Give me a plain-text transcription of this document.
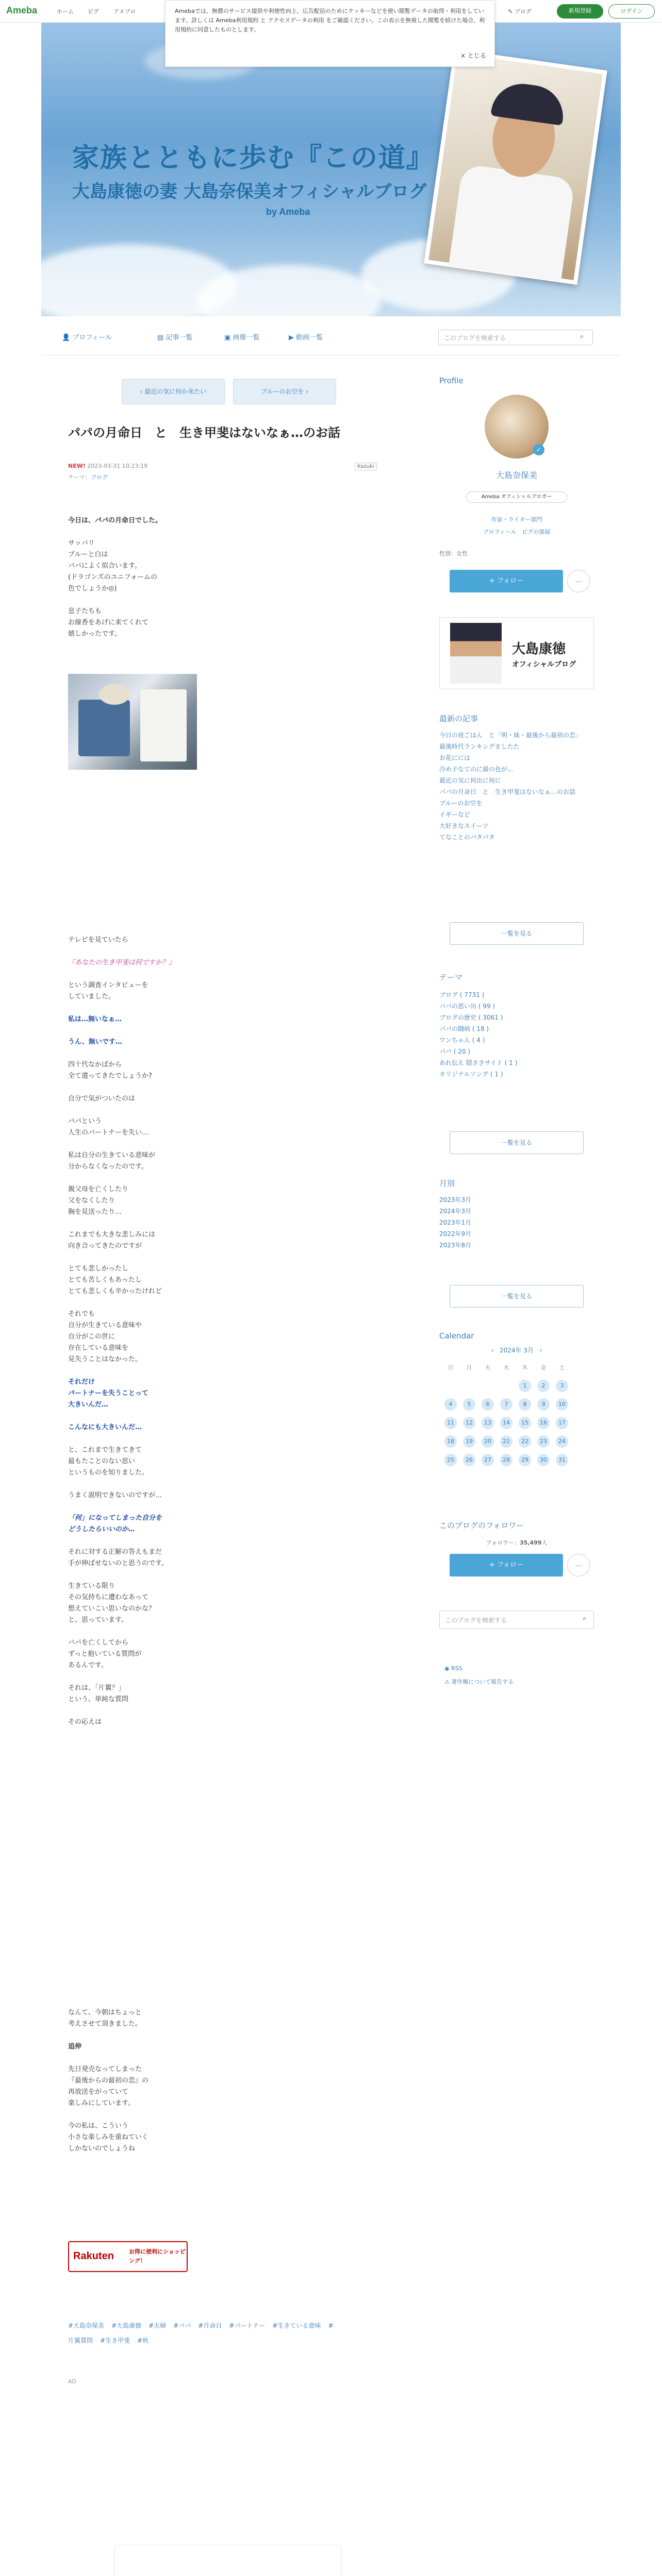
Ameba	ホーム ピグ	アメブロ	✎ ブログ	新規登録	ログイン
家族とともに歩む『この道』
大島康徳の妻 大島奈保美オフィシャルブログ
by Ameba
Amebaでは、無償のサービス提供や利便性向上、広告配信のためにクッキーなどを使い閲覧データの取得・利用をしています。詳しくは Ameba利用規約 と アクセスデータの利用 をご確認ください。この表示を無視した閲覧を続けた場合、利用規約に同意したものとします。
× とじる
👤 プロフィール	▤ 記事一覧	▣ 画像一覧	▶ 動画一覧	このブログを検索する	⌕
‹ 最近の気に何か来たい	ブルーのお空を ›
パパの月命日　と　生き甲斐はないなぁ…のお話
NEW! 2023-03-31 10:23:19
テーマ：ブログ
Kazuki
今日は、パパの月命日でした。
サッパリ
ブルーと白は
パパによく似合います。
(ドラゴンズのユニフォームの
色でしょうか◎)
息子たちも
お線香をあげに来てくれて
嬉しかったです。
テレビを見ていたら
『あなたの生き甲斐は何ですか？』
という調査インタビューを
していました。
私は…無いなぁ…
うん、無いです…
四十代なかばから
全て遣ってきたでしょうか?
自分で気がついたのは
パパという
人生のパートナーを失い…
私は自分の生きている意味が
分からなくなったのです。
親父母を亡くしたり
父をなくしたり
胸を見送ったり…
これまでも大きな悲しみには
向き合ってきたのですが
とても悲しかったし
とても苦しくもあったし
とても悲しくも辛かったけれど
それでも
自分が生きている意味や
自分がこの世に
存在している意味を
見失うことはなかった。
それだけ
パートナーを失うことって
大きいんだ…
こんなにも大きいんだ…
と、これまで生きてきて
最もたことのない思い
というものを知りました。
うまく説明できないのですが…
「何」になってしまった自分を
どうしたらいいのか…
それに対する正解の答えもまだ
手が伸ばせないのと思うのです。
生きている限り
その気持ちに遭わなあって
想えていこい思いなのかな？
と、思っています。
パパを亡くしてから
ずっと抱いている質問が
あるんです。
それは、「片翼？」
という、単純な質問
その応えは
なんて、今朝はちょっと
考えさせて頂きました。
追伸
先日発売なってしまった
『最後からの最初の恋』の
再放送をがっていて
楽しみにしています。
今の私は、こういう
小さな楽しみを重ねていく
しかないのでしょうね
Rakuten	お得に便利にショッピング！
#大島奈保美 #大島康徳 #夫婦 #パパ #月命日 #パートナー #生きている意味 #片翼質問 #生き甲斐 #秋
AD
Profile
✓
大島奈保美
Ameba オフィシャルブロガー
作家・ライター部門
プロフィール ピグの部屋
性別：女性
+ フォロー	…
大島康徳
オフィシャルブログ
最新の記事
今日の夜ごはん　と「明・妹・最後から最初の恋」
最後時代ランキングましたた
お花にには
冷め子なてのに最の色が...
最近の気に何出に何に
パパの月命日　と　生き甲斐はないなぁ…のお話
ブルーのお空を
イギーなど
大好きなスイーツ
てなことのバタバタ
一覧を見る
テーマ
ブログ ( 7731 )
パパの思い出 ( 99 )
ブログの歴史 ( 3061 )
パパの闘病 ( 18 )
ワンちゃん ( 4 )
パパ ( 20 )
あれ伝え 隠ささサイト ( 1 )
オリジナルソング ( 1 )
一覧を見る
月別
2023年3月
2024年3月
2023年1月
2022年9月
2023年8月
一覧を見る
Calendar
‹ 2024年 3月 ›
日	月	火	水	木	金	土
				1	2	3
4	5	6	7	8	9	10
11	12	13	14	15	16	17
18	19	20	21	22	23	24
25	26	27	28	29	30	31
このブログのフォロワー
フォロワー：35,499人
+ フォロー	…
このブログを検索する	⌕
◉ RSS
⚠ 著作権について報告する
